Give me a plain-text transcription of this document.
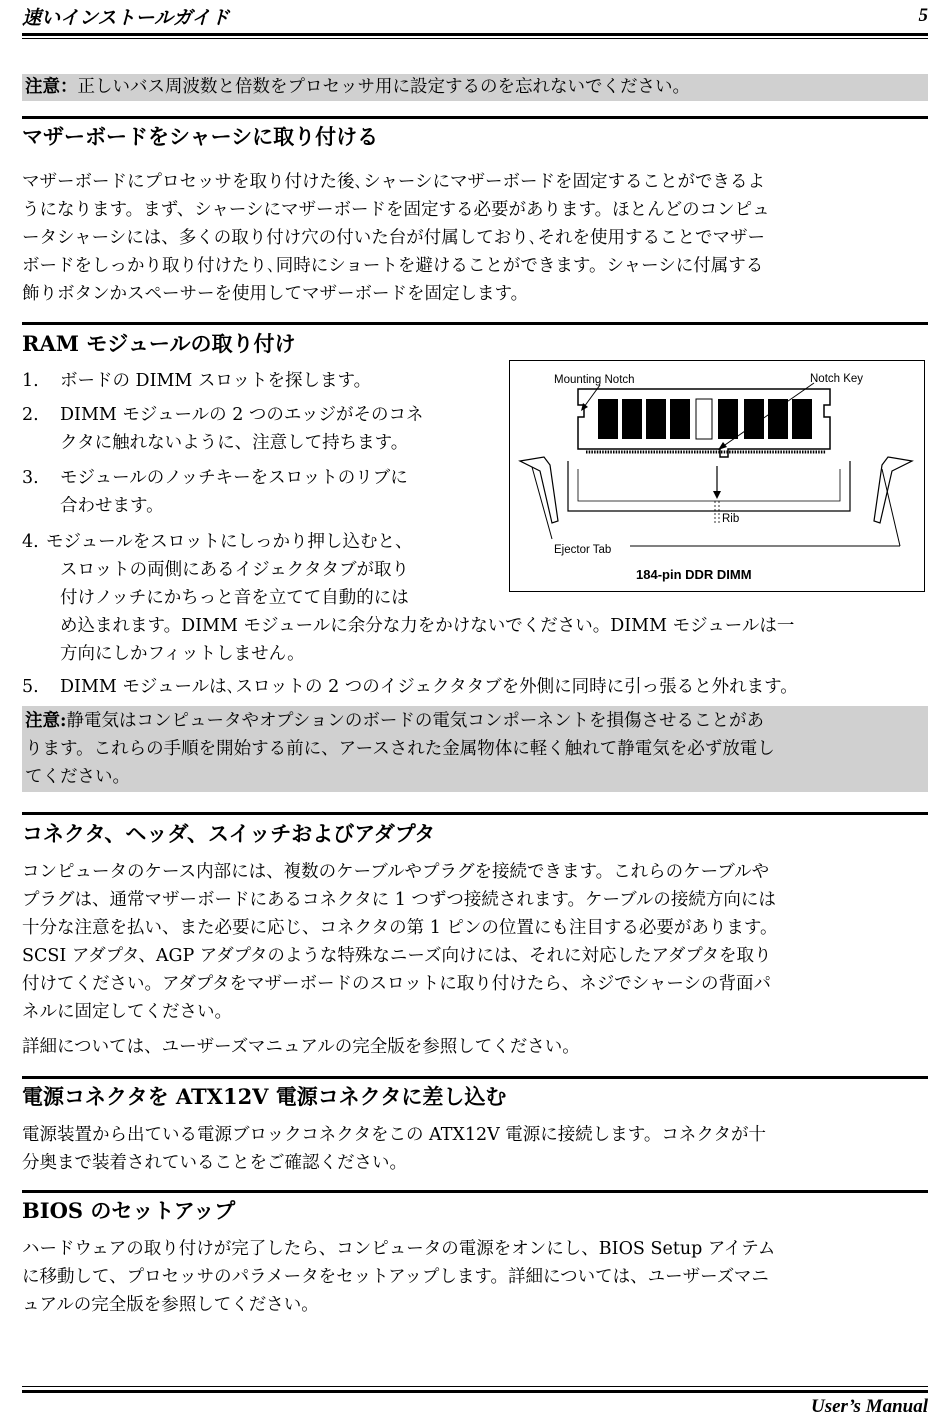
速いインストールガイド	5
注意：正しいバス周波数と倍数をプロセッサ用に設定するのを忘れないでください。
マザーボードをシャーシに取り付ける
マザーボードにプロセッサを取り付けた後､シャーシにマザーボードを固定することができるよ
うになります。まず、シャーシにマザーボードを固定する必要があります。ほとんどのコンピュ
ータシャーシには、多くの取り付け穴の付いた台が付属しており､それを使用することでマザー
ボードをしっかり取り付けたり､同時にショートを避けることができます。シャーシに付属する
飾りボタンかスペーサーを使用してマザーボードを固定します。
RAM モジュールの取り付け
1. ボードの DIMM スロットを探します。
2. DIMM モジュールの 2 つのエッジがそのコネ
クタに触れないように、注意して持ちます。
3. モジュールのノッチキーをスロットのリブに
合わせます。
4. モジュールをスロットにしっかり押し込むと、
スロットの両側にあるイジェクタタブが取り
付けノッチにかちっと音を立てて自動的には
め込まれます。DIMM モジュールに余分な力をかけないでください。DIMM モジュールは一
方向にしかフィットしません。
5. DIMM モジュールは､スロットの 2 つのイジェクタタブを外側に同時に引っ張ると外れます。
Mounting Notch	Notch Key
Rib
Ejector Tab
184-pin DDR DIMM
注意:静電気はコンピュータやオプションのボードの電気コンポーネントを損傷させることがあ
ります。これらの手順を開始する前に、アースされた金属物体に軽く触れて静電気を必ず放電し
てください。
コネクタ、ヘッダ、スイッチおよびアダプタ
コンピュータのケース内部には、複数のケーブルやプラグを接続できます。これらのケーブルや
プラグは、通常マザーボードにあるコネクタに 1 つずつ接続されます。ケーブルの接続方向には
十分な注意を払い、また必要に応じ、コネクタの第 1 ピンの位置にも注目する必要があります。
SCSI アダプタ、AGP アダプタのような特殊なニーズ向けには、それに対応したアダプタを取り
付けてください。アダプタをマザーボードのスロットに取り付けたら、ネジでシャーシの背面パ
ネルに固定してください。
詳細については、ユーザーズマニュアルの完全版を参照してください。
電源コネクタを ATX12V 電源コネクタに差し込む
電源装置から出ている電源ブロックコネクタをこの ATX12V 電源に接続します。コネクタが十
分奥まで装着されていることをご確認ください。
BIOS のセットアップ
ハードウェアの取り付けが完了したら、コンピュータの電源をオンにし、BIOS Setup アイテム
に移動して、プロセッサのパラメータをセットアップします。詳細については、ユーザーズマニ
ュアルの完全版を参照してください。
User’s Manual
